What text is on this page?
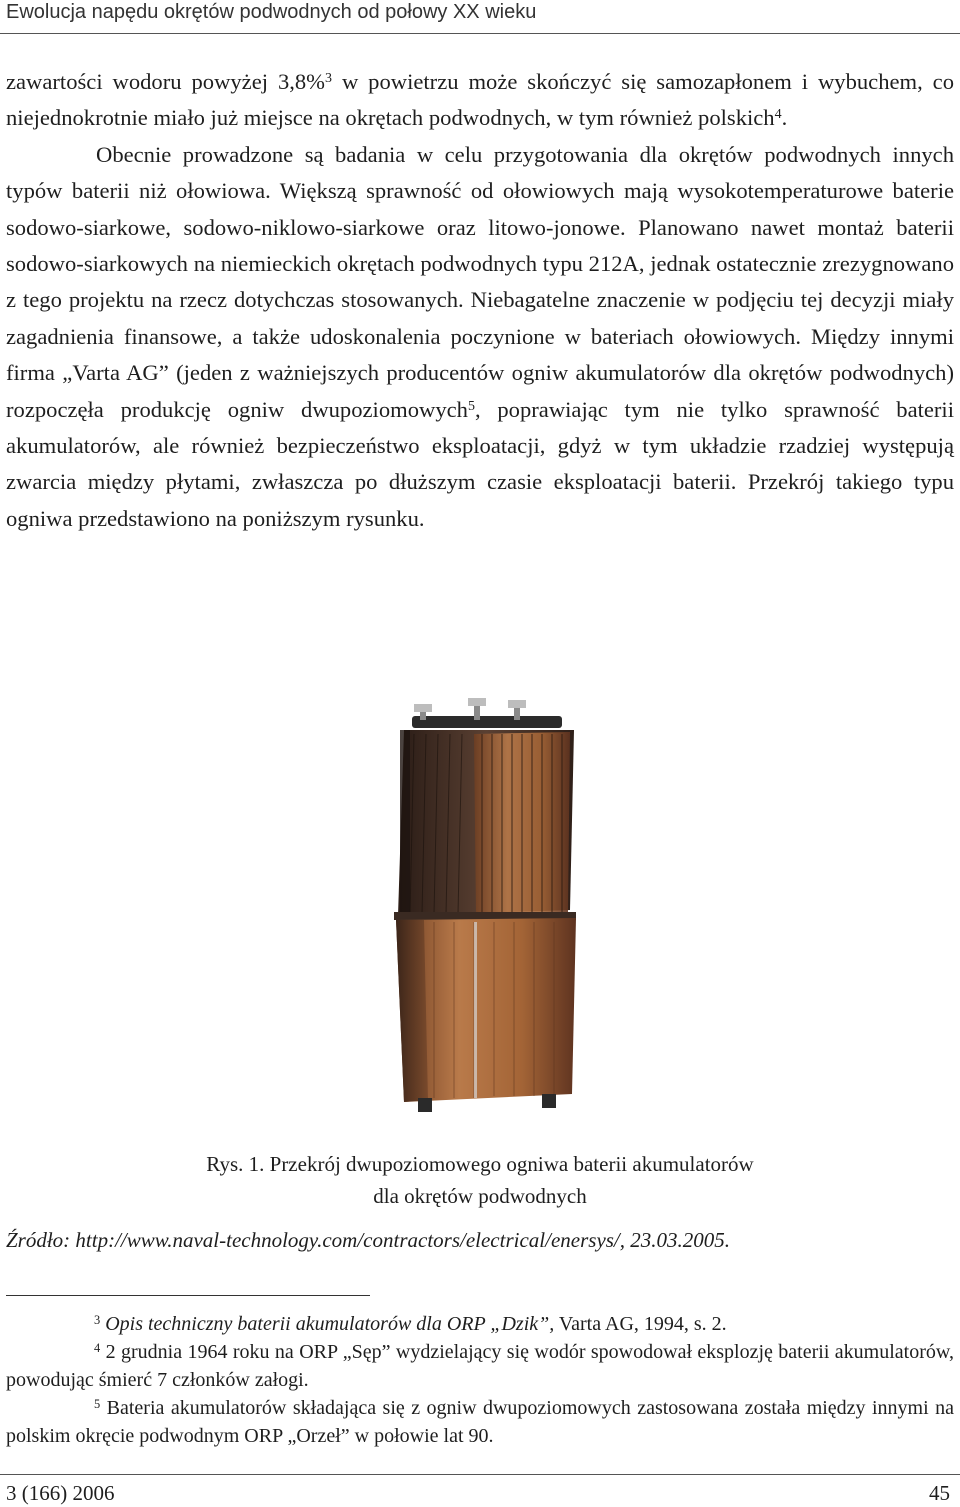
Ewolucja napędu okrętów podwodnych od połowy XX wieku

zawartości wodoru powyżej 3,8%$^3$ w powietrzu może skończyć się samozapłonem i wybuchem, co niejednokrotnie miało już miejsce na okrętach podwodnych, w tym również polskich$^4$.

Obecnie prowadzone są badania w celu przygotowania dla okrętów podwodnych innych typów baterii niż ołowiowa. Większą sprawność od ołowiowych mają wysokotemperaturowe baterie sodowo-siarkowe, sodowo-niklowo-siarkowe oraz litowo-jonowe. Planowano nawet montaż baterii sodowo-siarkowych na niemieckich okrętach podwodnych typu 212A, jednak ostatecznie zrezygnowano z tego projektu na rzecz dotychczas stosowanych. Niebagatelne znaczenie w podjęciu tej decyzji miały zagadnienia finansowe, a także udoskonalenia poczynione w bateriach ołowiowych. Między innymi firma „Varta AG” (jeden z ważniejszych producentów ogniw akumulatorów dla okrętów podwodnych) rozpoczęła produkcję ogniw dwupoziomowych$^5$, poprawiając tym nie tylko sprawność baterii akumulatorów, ale również bezpieczeństwo eksploatacji, gdyż w tym układzie rzadziej występują zwarcia między płytami, zwłaszcza po dłuższym czasie eksploatacji baterii. Przekrój takiego typu ogniwa przedstawiono na poniższym rysunku.

Rys. 1. Przekrój dwupoziomowego ogniwa baterii akumulatorów
dla okrętów podwodnych
Źródło: http://www.naval-technology.com/contractors/electrical/enersys/, 23.03.2005.

$^3$ Opis techniczny baterii akumulatorów dla ORP „Dzik”, Varta AG, 1994, s. 2.

$^4$ 2 grudnia 1964 roku na ORP „Sęp” wydzielający się wodór spowodował eksplozję baterii akumulatorów, powodując śmierć 7 członków załogi.

$^5$ Bateria akumulatorów składająca się z ogniw dwupoziomowych zastosowana została między innymi na polskim okręcie podwodnym ORP „Orzeł” w połowie lat 90.

3 (166) 2006	45
